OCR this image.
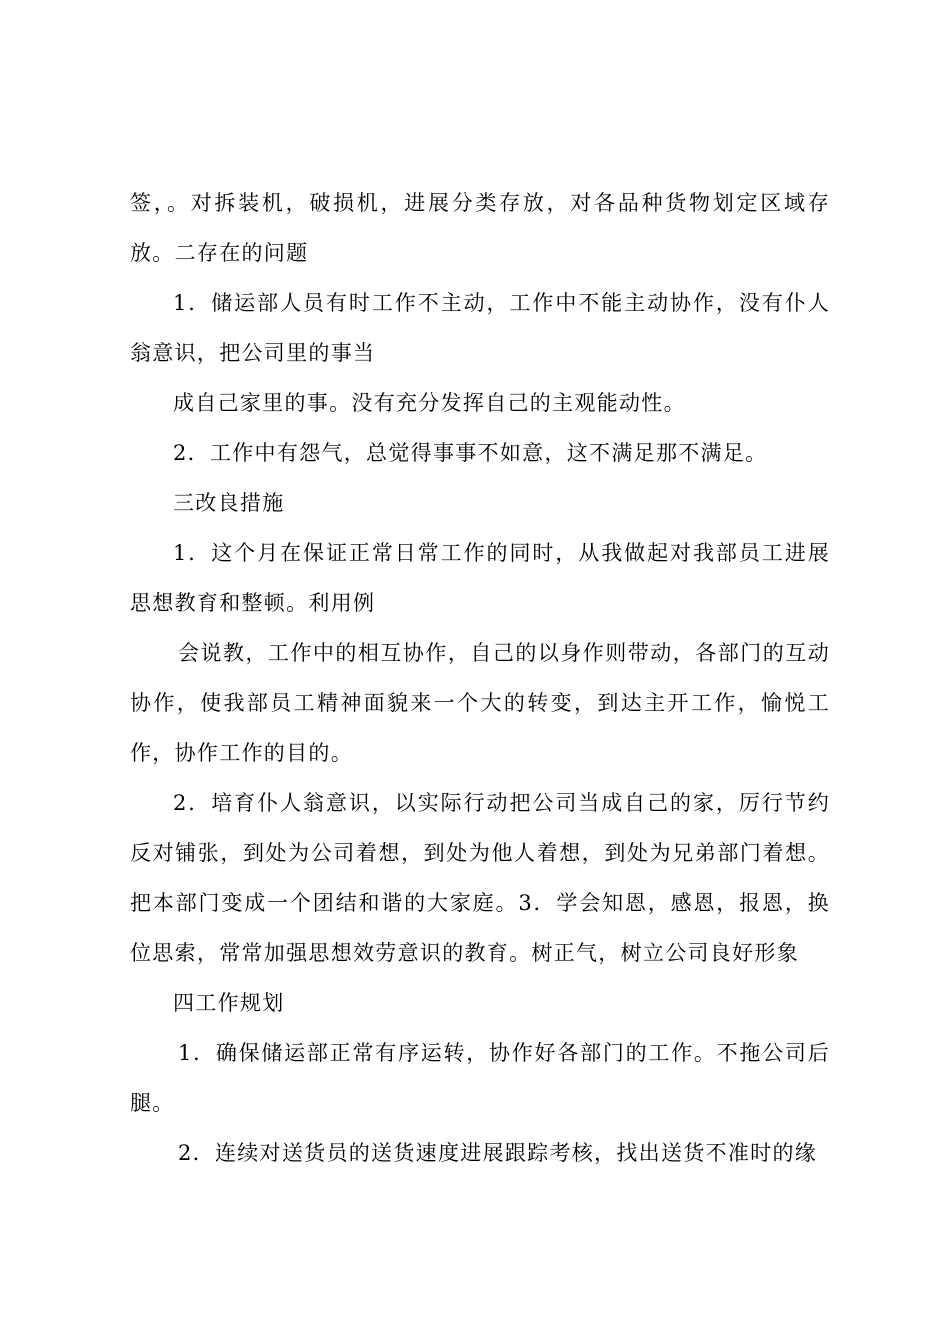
签，。对拆装机，破损机，进展分类存放，对各品种货物划定区域存放。二存在的问题

1．储运部人员有时工作不主动，工作中不能主动协作，没有仆人翁意识，把公司里的事当

成自己家里的事。没有充分发挥自己的主观能动性。

2．工作中有怨气，总觉得事事不如意，这不满足那不满足。

三改良措施

1．这个月在保证正常日常工作的同时，从我做起对我部员工进展思想教育和整顿。利用例

会说教，工作中的相互协作，自己的以身作则带动，各部门的互动协作，使我部员工精神面貌来一个大的转变，到达主开工作，愉悦工作，协作工作的目的。

2．培育仆人翁意识，以实际行动把公司当成自己的家，厉行节约反对铺张，到处为公司着想，到处为他人着想，到处为兄弟部门着想。把本部门变成一个团结和谐的大家庭。3．学会知恩，感恩，报恩，换位思索，常常加强思想效劳意识的教育。树正气，树立公司良好形象

四工作规划

1．确保储运部正常有序运转，协作好各部门的工作。不拖公司后腿。

2．连续对送货员的送货速度进展跟踪考核，找出送货不准时的缘
